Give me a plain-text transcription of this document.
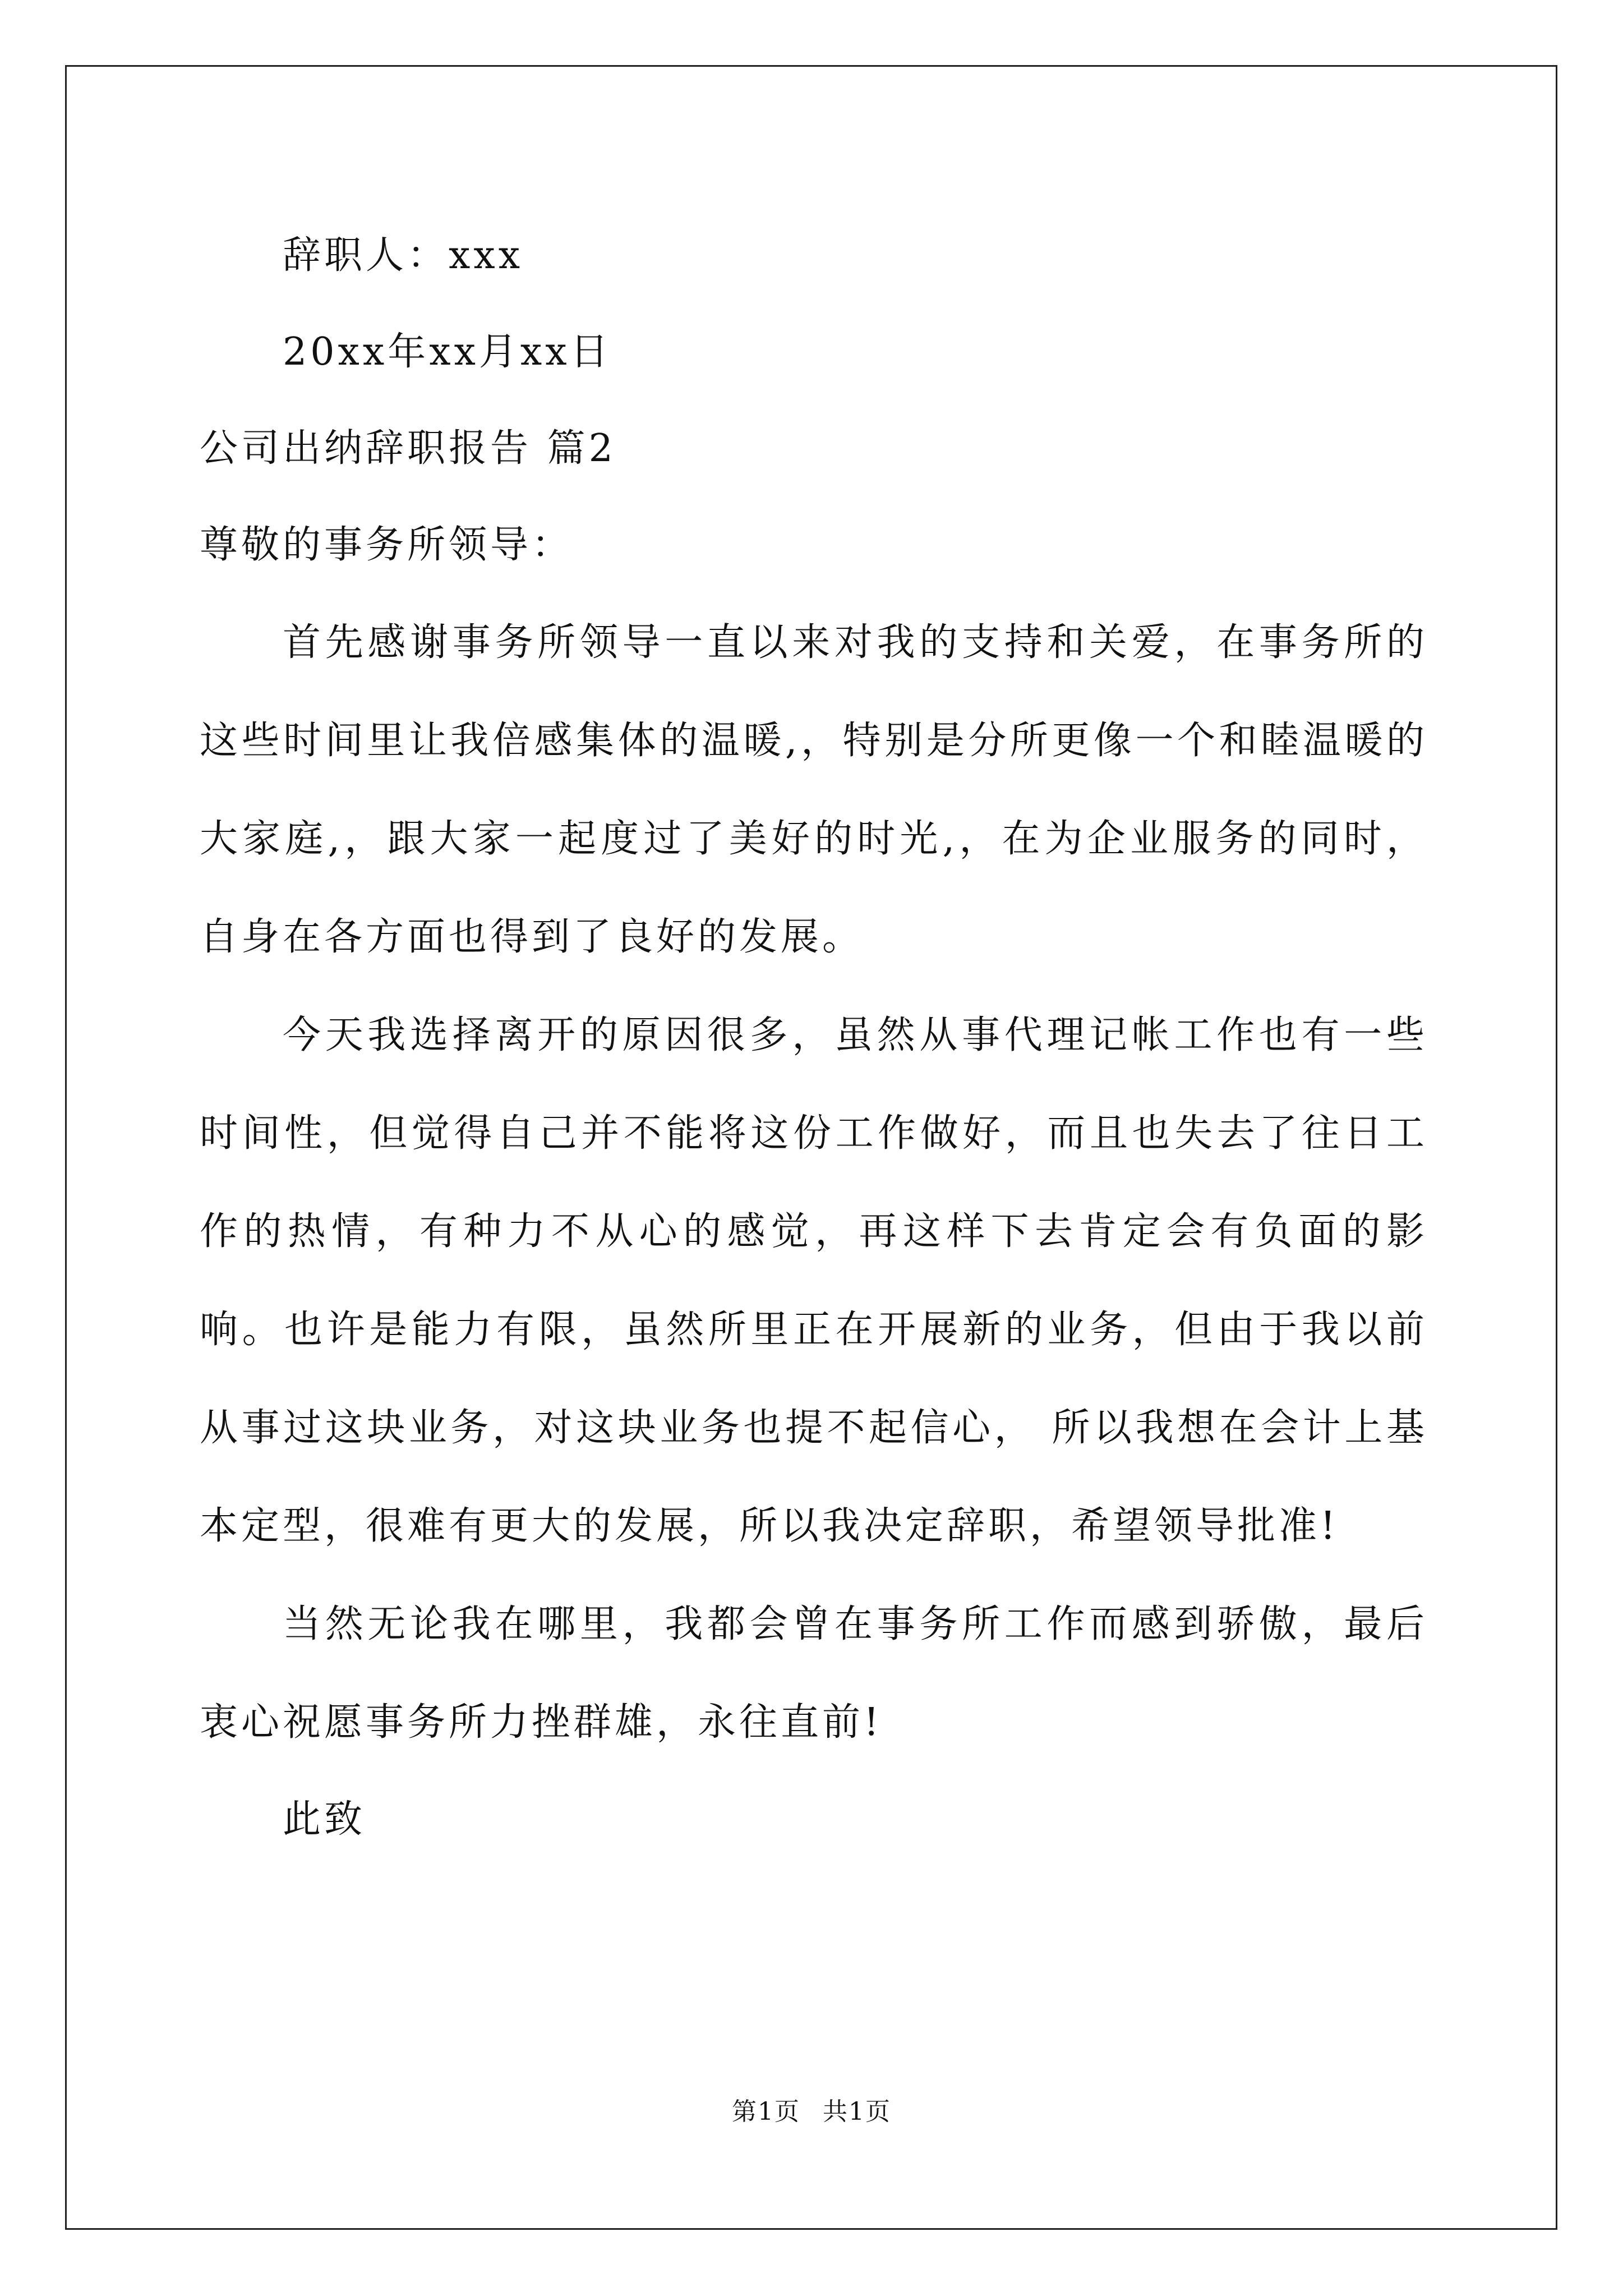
辞职人：xxx
20xx年xx月xx日
公司出纳辞职报告 篇2
尊敬的事务所领导：

首先感谢事务所领导一直以来对我的支持和关爱，在事务所的这些时间里让我倍感集体的温暖,，特别是分所更像一个和睦温暖的大家庭,，跟大家一起度过了美好的时光,，在为企业服务的同时，自身在各方面也得到了良好的发展。

今天我选择离开的原因很多，虽然从事代理记帐工作也有一些时间性，但觉得自己并不能将这份工作做好，而且也失去了往日工作的热情，有种力不从心的感觉，再这样下去肯定会有负面的影响。也许是能力有限，虽然所里正在开展新的业务，但由于我以前从事过这块业务，对这块业务也提不起信心， 所以我想在会计上基本定型，很难有更大的发展，所以我决定辞职，希望领导批准!

当然无论我在哪里，我都会曾在事务所工作而感到骄傲，最后衷心祝愿事务所力挫群雄，永往直前!

此致
第1页 共1页
